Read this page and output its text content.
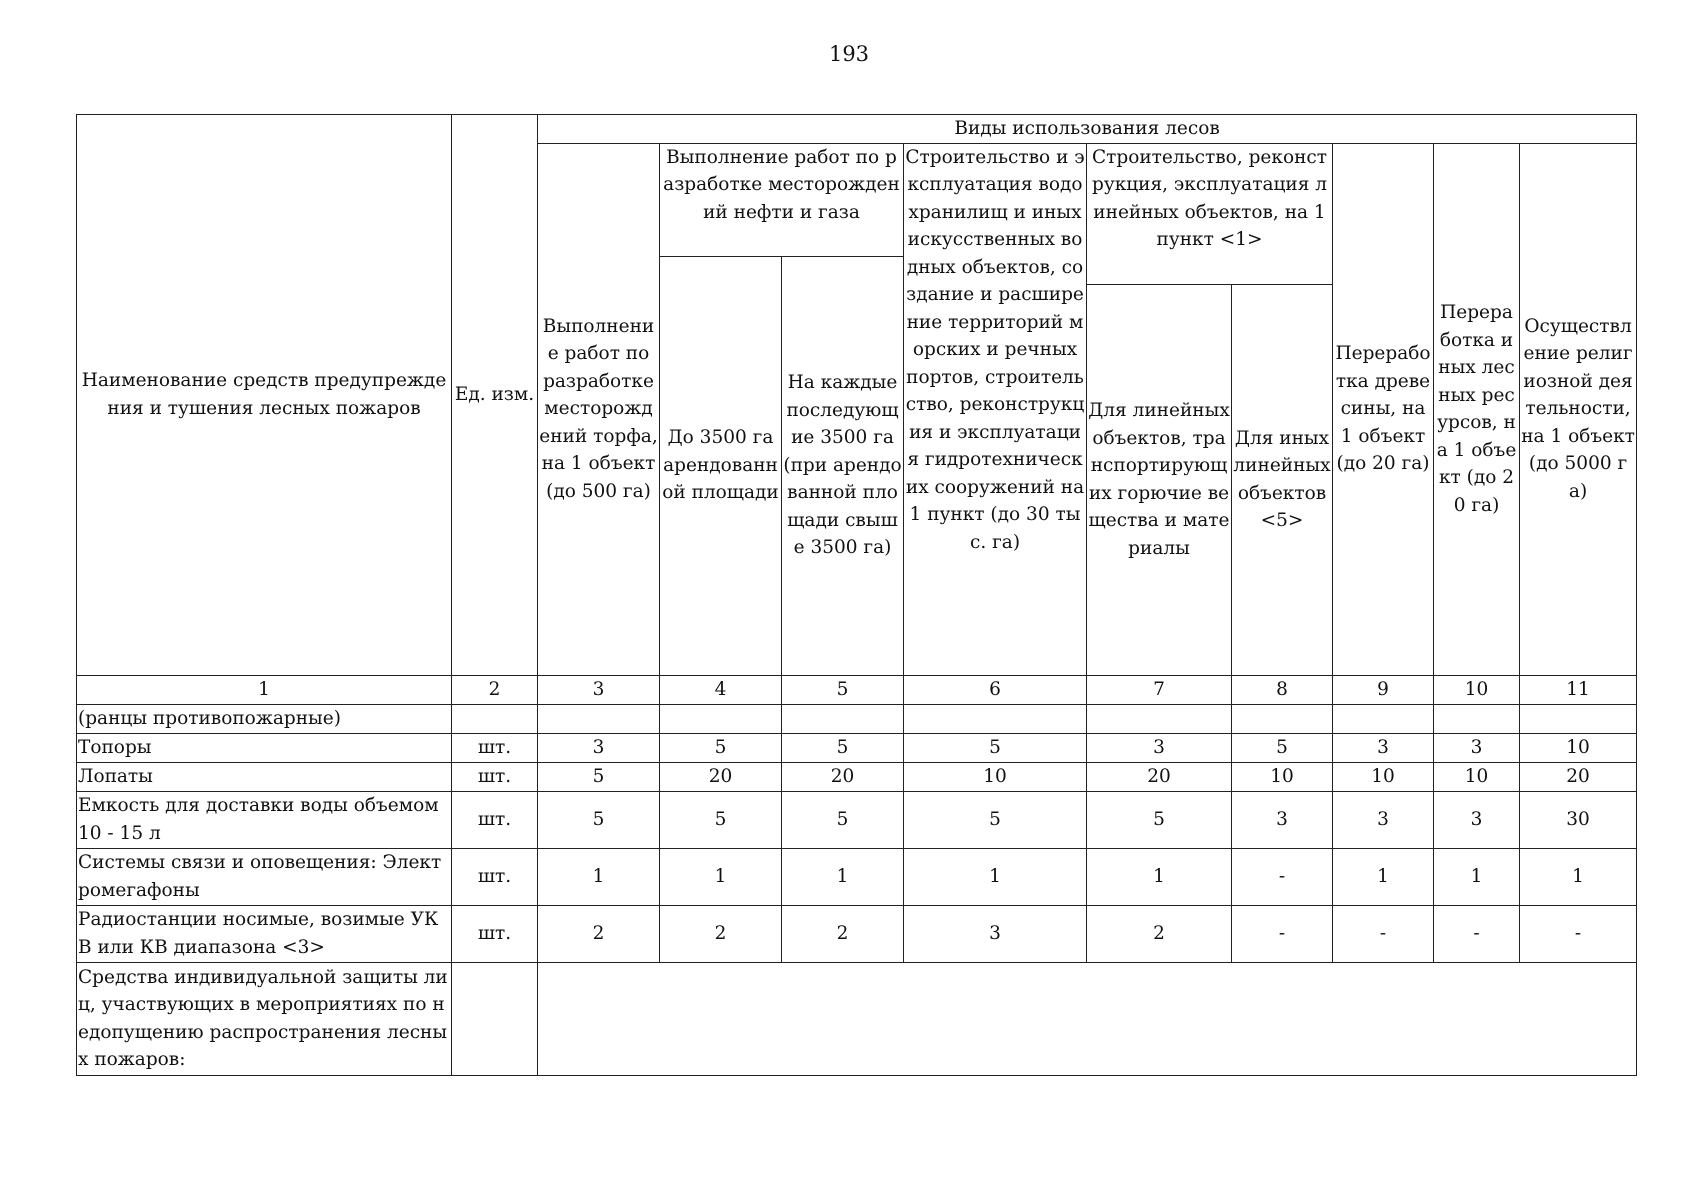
193
Наименование средств предупреждения и тушения лесных пожаров	Ед. изм.	Виды использования лесов								
		Выполнение работ по разработке месторождений торфа, на 1 объект (до 500 га)	Выполнение работ по разработке месторождений нефти и газа		Строительство и эксплуатация водохранилищ и иных искусственных водных объектов, создание и расширение территорий морских и речных портов, строительство, реконструкция и эксплуатация гидротехнических сооружений на 1 пункт (до 30 тыс. га)	Строительство, реконструкция, эксплуатация линейных объектов, на 1 пункт <1>		Переработка древесины, на 1 объект (до 20 га)	Переработка иных лесных ресурсов, на 1 объект (до 20 га)	Осуществление религиозной деятельности, на 1 объект (до 5000 га)
			До 3500 га арендованной площади	На каждые последующие 3500 га (при арендованной площади свыше 3500 га)						
						Для линейных объектов, транспортирующих горючие вещества и материалы	Для иных линейных объектов <5>			
1	2	3	4	5	6	7	8	9	10	11
(ранцы противопожарные)										
Топоры	шт.	3	5	5	5	3	5	3	3	10
Лопаты	шт.	5	20	20	10	20	10	10	10	20
Емкость для доставки воды объемом 10 - 15 л	шт.	5	5	5	5	5	3	3	3	30
Системы связи и оповещения: Электромегафоны	шт.	1	1	1	1	1	-	1	1	1
Радиостанции носимые, возимые УКВ или КВ диапазона <3>	шт.	2	2	2	3	2	-	-	-	-
Средства индивидуальной защиты лиц, участвующих в мероприятиях по недопущению распространения лесных пожаров:										
